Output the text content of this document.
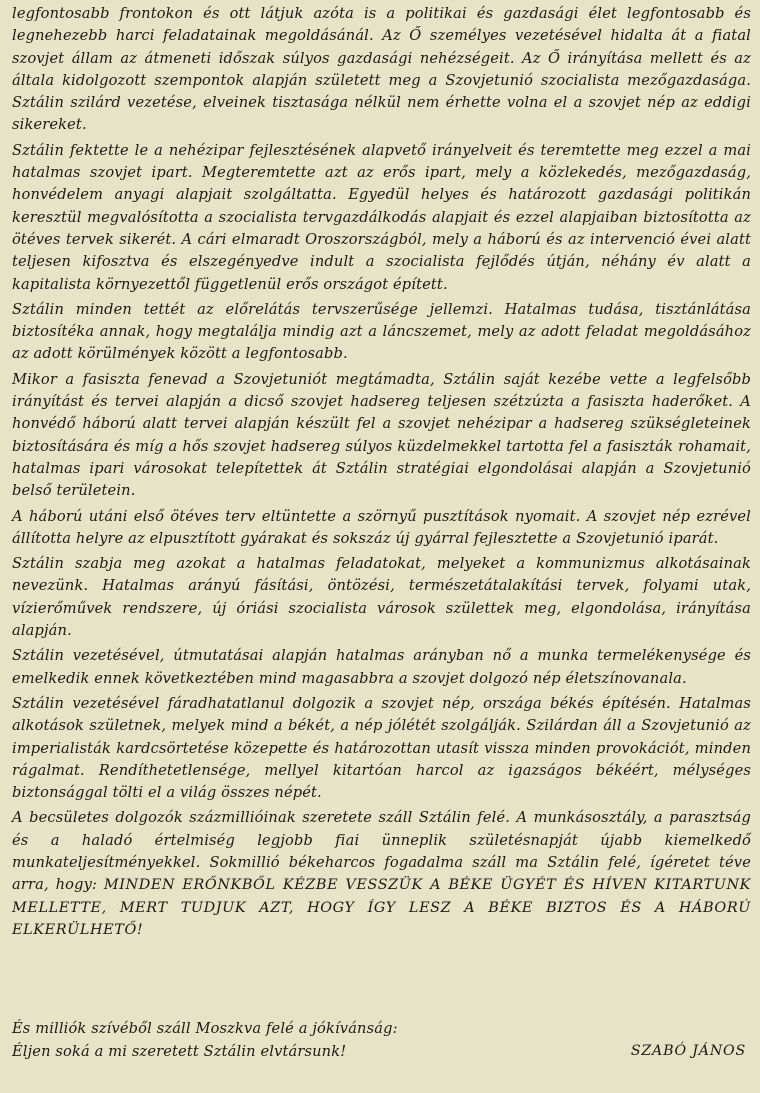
legfontosabb frontokon és ott látjuk azóta is a politikai és gazdasági élet legfontosabb és legnehezebb harci feladatainak megoldásánál. Az Ő személyes vezetésével hidalta át a fiatal szovjet állam az átmeneti időszak súlyos gazdasági nehézségeit. Az Ő irányítása mellett és az általa kidolgozott szempontok alapján született meg a Szovjetunió szocialista mezőgazdasága. Sztálin szilárd vezetése, elveinek tisztasága nélkül nem érhette volna el a szovjet nép az eddigi sikereket.

Sztálin fektette le a nehézipar fejlesztésének alapvető irányelveit és teremtette meg ezzel a mai hatalmas szovjet ipart. Megteremtette azt az erős ipart, mely a közlekedés, mezőgazdaság, honvédelem anyagi alapjait szolgáltatta. Egyedül helyes és határozott gazdasági politikán keresztül megvalósította a szocialista tervgazdálkodás alapjait és ezzel alapjaiban biztosította az ötéves tervek sikerét. A cári elmaradt Oroszországból, mely a háború és az intervenció évei alatt teljesen kifosztva és elszegényedve indult a szocialista fejlődés útján, néhány év alatt a kapitalista környezettől függetlenül erős országot épített.

Sztálin minden tettét az előrelátás tervszerűsége jellemzi. Hatalmas tudása, tisztánlátása biztosítéka annak, hogy megtalálja mindig azt a láncszemet, mely az adott feladat megoldásához az adott körülmények között a legfontosabb.

Mikor a fasiszta fenevad a Szovjetuniót megtámadta, Sztálin saját kezébe vette a legfelsőbb irányítást és tervei alapján a dicső szovjet hadsereg teljesen szétzúzta a fasiszta haderőket. A honvédő háború alatt tervei alapján készült fel a szovjet nehézipar a hadsereg szükségleteinek biztosítására és míg a hős szovjet hadsereg súlyos küzdelmekkel tartotta fel a fasiszták rohamait, hatalmas ipari városokat telepítettek át Sztálin stratégiai elgondolásai alapján a Szovjetunió belső területein.

A háború utáni első ötéves terv eltüntette a szörnyű pusztítások nyomait. A szovjet nép ezrével állította helyre az elpusztított gyárakat és sokszáz új gyárral fejlesztette a Szovjetunió iparát.

Sztálin szabja meg azokat a hatalmas feladatokat, melyeket a kommunizmus alkotásainak nevezünk. Hatalmas arányú fásítási, öntözési, természetátalakítási tervek, folyami utak, vízierőművek rendszere, új óriási szocialista városok születtek meg, elgondolása, irányítása alapján.

Sztálin vezetésével, útmutatásai alapján hatalmas arányban nő a munka termelékenysége és emelkedik ennek következtében mind magasabbra a szovjet dolgozó nép életszínovanala.

Sztálin vezetésével fáradhatatlanul dolgozik a szovjet nép, országa békés építésén. Hatalmas alkotások születnek, melyek mind a békét, a nép jólétét szolgálják. Szilárdan áll a Szovjetunió az imperialisták kardcsörtetése közepette és határozottan utasít vissza minden provokációt, minden rágalmat. Rendíthetetlensége, mellyel kitartóan harcol az igazságos békéért, mélységes biztonsággal tölti el a világ összes népét.

A becsületes dolgozók százmillióinak szeretete száll Sztálin felé. A munkásosztály, a parasztság és a haladó értelmiség legjobb fiai ünneplik születésnapját újabb kiemelkedő munkateljesítményekkel. Sokmillió békeharcos fogadalma száll ma Sztálin felé, ígéretet téve arra, hogy: MINDEN ERŐNKBŐL KÉZBE VESSZÜK A BÉKE ÜGYÉT ÉS HÍVEN KITARTUNK MELLETTE, MERT TUDJUK AZT, HOGY ÍGY LESZ A BÉKE BIZTOS ÉS A HÁBORÚ ELKERÜLHETŐ!

És milliók szívéből száll Moszkva felé a jókívánság:
Éljen soká a mi szeretett Sztálin elvtársunk!	SZABÓ JÁNOS
